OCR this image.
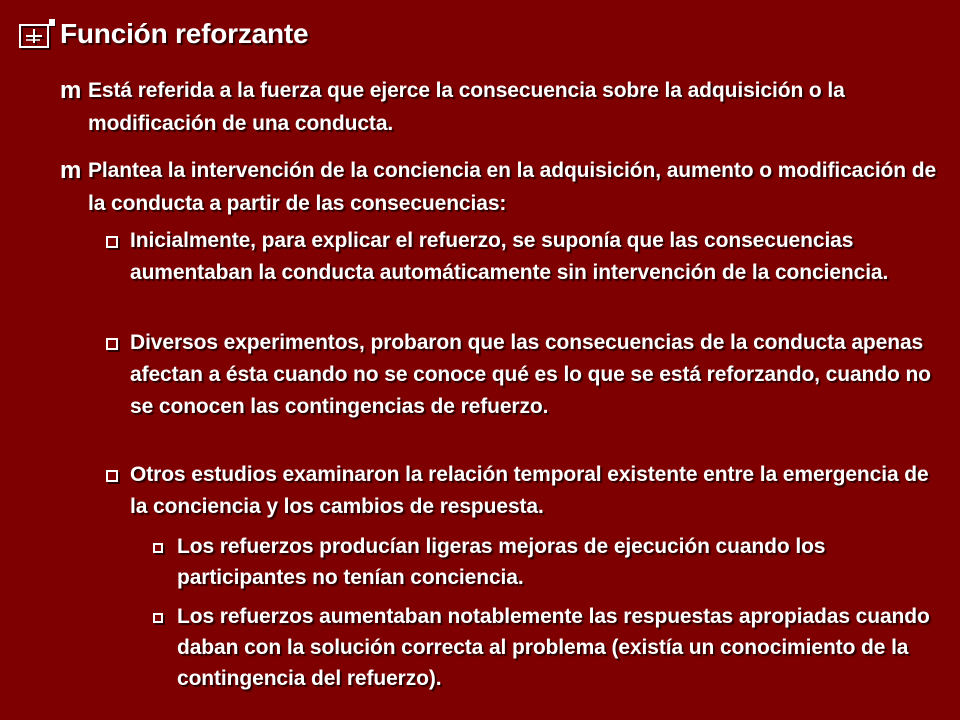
Función reforzante
m Está referida a la fuerza que ejerce la consecuencia sobre la adquisición o la modificación de una conducta.
m Plantea la intervención de la conciencia en la adquisición, aumento o modificación de la conducta a partir de las consecuencias:
Inicialmente, para explicar el refuerzo, se suponía que las consecuencias aumentaban la conducta automáticamente sin intervención de la conciencia.
Diversos experimentos, probaron que las consecuencias de la conducta apenas afectan a ésta cuando no se conoce qué es lo que se está reforzando, cuando no se conocen las contingencias de refuerzo.
Otros estudios examinaron la relación temporal existente entre la emergencia de la conciencia y los cambios de respuesta.
Los refuerzos producían ligeras mejoras de ejecución cuando los participantes no tenían conciencia.
Los refuerzos aumentaban notablemente las respuestas apropiadas cuando daban con la solución correcta al problema (existía un conocimiento de la contingencia del refuerzo).
